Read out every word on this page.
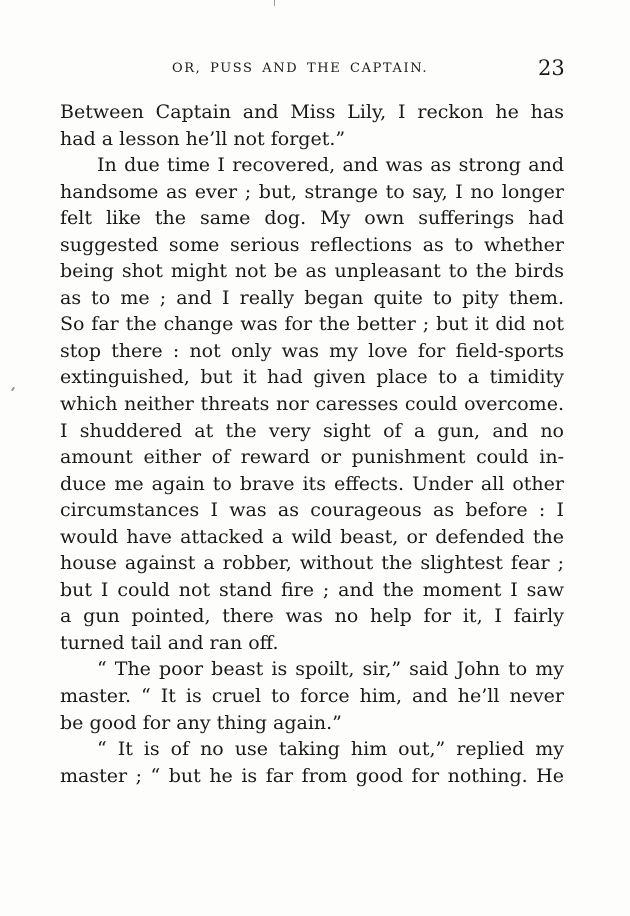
OR, PUSS AND THE CAPTAIN.	23
Between Captain and Miss Lily, I reckon he has
had a lesson he’ll not forget.”
In due time I recovered, and was as strong and
handsome as ever ; but, strange to say, I no longer
felt like the same dog. My own sufferings had
suggested some serious reflections as to whether
being shot might not be as unpleasant to the birds
as to me ; and I really began quite to pity them.
So far the change was for the better ; but it did not
stop there : not only was my love for field-sports
extinguished, but it had given place to a timidity
which neither threats nor caresses could overcome.
I shuddered at the very sight of a gun, and no
amount either of reward or punishment could in-
duce me again to brave its effects. Under all other
circumstances I was as courageous as before : I
would have attacked a wild beast, or defended the
house against a robber, without the slightest fear ;
but I could not stand fire ; and the moment I saw
a gun pointed, there was no help for it, I fairly
turned tail and ran off.
“ The poor beast is spoilt, sir,” said John to my
master. “ It is cruel to force him, and he’ll never
be good for any thing again.”
“ It is of no use taking him out,” replied my
master ; “ but he is far from good for nothing. He
